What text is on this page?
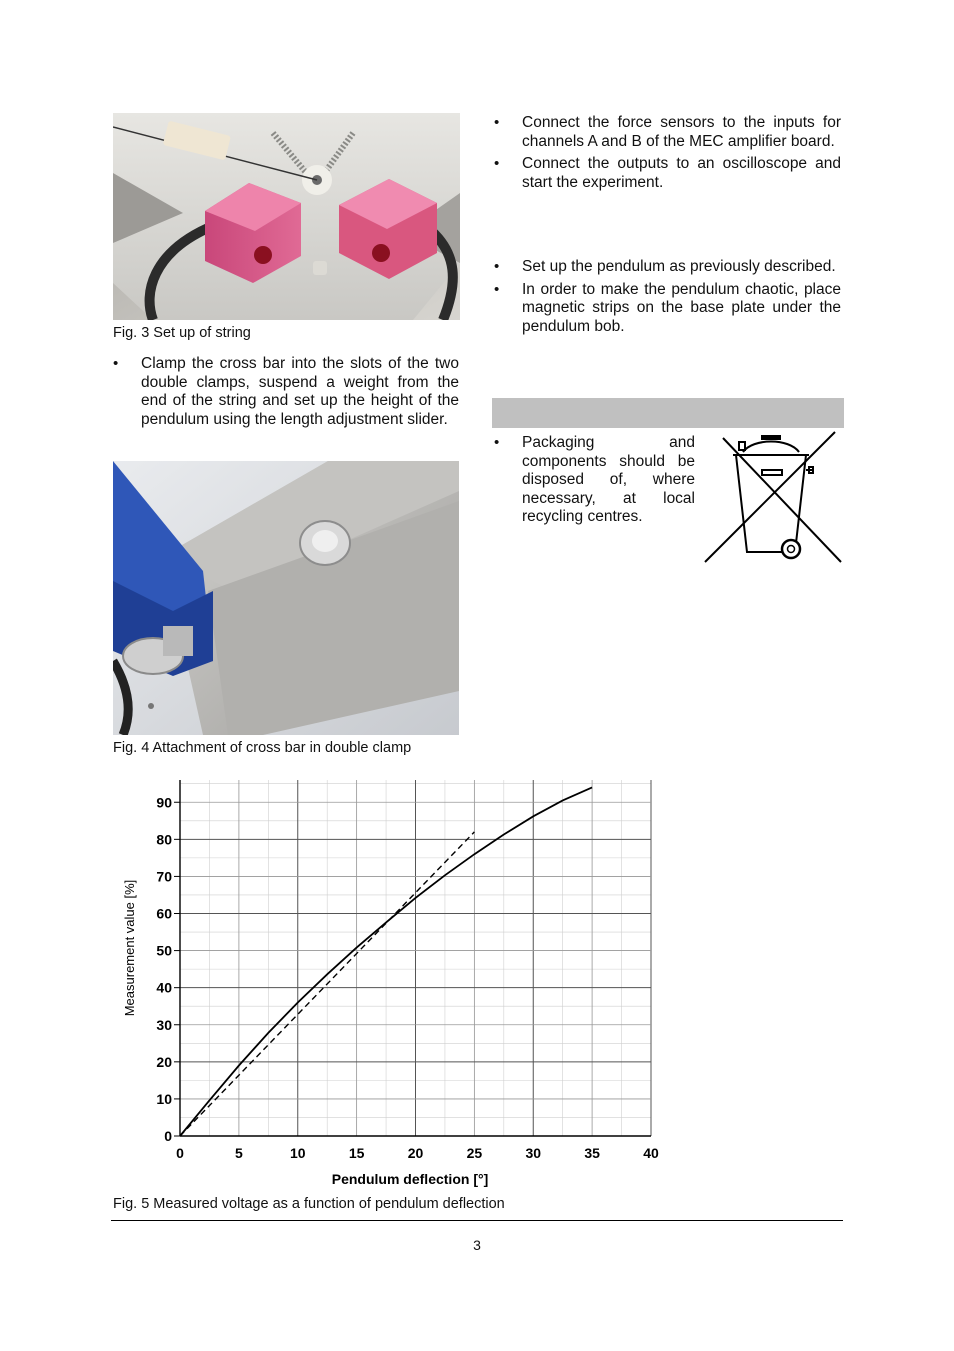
Fig. 3 Set up of string
• Clamp the cross bar into the slots of the two double clamps, suspend a weight from the end of the string and set up the height of the pendulum using the length adjustment slider.
Fig. 4 Attachment of cross bar in double clamp
• Connect the force sensors to the inputs for channels A and B of the MEC amplifier board.
• Connect the outputs to an oscilloscope and start the experiment.
• Set up the pendulum as previously described.
• In order to make the pendulum chaotic, place magnetic strips on the base plate under the pendulum bob.
• Packaging and components should be disposed of, where necessary, at local recycling centres.
0	5	10	15	20	25	30	35	40
0
10
20
30
40
50
60
70
80
90
Pendulum deflection [°]
Measurement value [%]
Fig. 5 Measured voltage as a function of pendulum deflection
3
